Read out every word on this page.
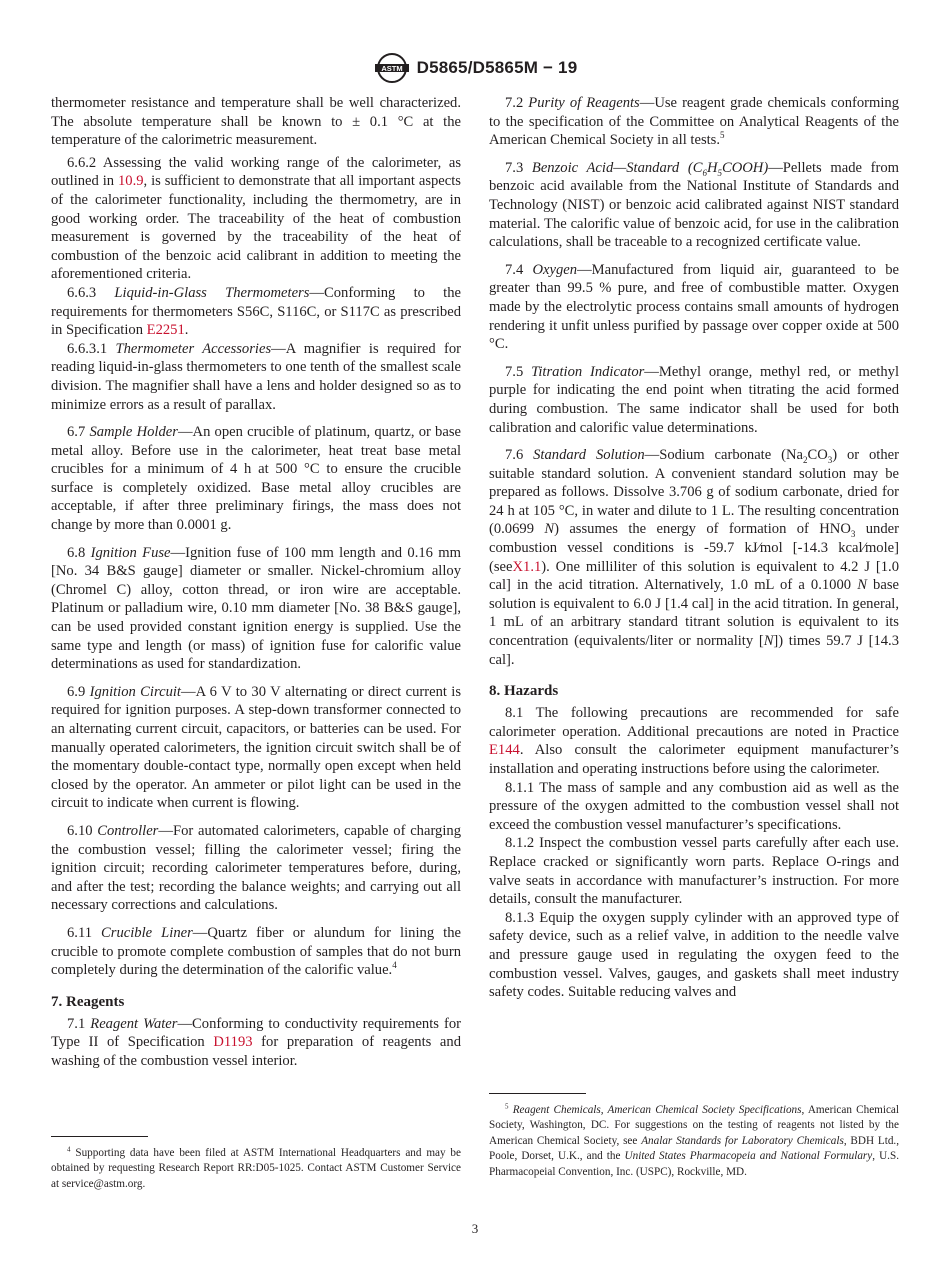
ASTM D5865/D5865M − 19

thermometer resistance and temperature shall be well characterized. The absolute temperature shall be known to ± 0.1 °C at the temperature of the calorimetric measurement.

6.6.2 Assessing the valid working range of the calorimeter, as outlined in 10.9, is sufficient to demonstrate that all important aspects of the calorimeter functionality, including the thermometry, are in good working order. The traceability of the heat of combustion measurement is governed by the traceability of the heat of combustion of the benzoic acid calibrant in addition to meeting the aforementioned criteria.

6.6.3 Liquid-in-Glass Thermometers—Conforming to the requirements for thermometers S56C, S116C, or S117C as prescribed in Specification E2251.

6.6.3.1 Thermometer Accessories—A magnifier is required for reading liquid-in-glass thermometers to one tenth of the smallest scale division. The magnifier shall have a lens and holder designed so as to minimize errors as a result of parallax.

6.7 Sample Holder—An open crucible of platinum, quartz, or base metal alloy. Before use in the calorimeter, heat treat base metal crucibles for a minimum of 4 h at 500 °C to ensure the crucible surface is completely oxidized. Base metal alloy crucibles are acceptable, if after three preliminary firings, the mass does not change by more than 0.0001 g.

6.8 Ignition Fuse—Ignition fuse of 100 mm length and 0.16 mm [No. 34 B&S gauge] diameter or smaller. Nickel-chromium alloy (Chromel C) alloy, cotton thread, or iron wire are acceptable. Platinum or palladium wire, 0.10 mm diameter [No. 38 B&S gauge], can be used provided constant ignition energy is supplied. Use the same type and length (or mass) of ignition fuse for calorific value determinations as used for standardization.

6.9 Ignition Circuit—A 6 V to 30 V alternating or direct current is required for ignition purposes. A step-down transformer connected to an alternating current circuit, capacitors, or batteries can be used. For manually operated calorimeters, the ignition circuit switch shall be of the momentary double-contact type, normally open except when held closed by the operator. An ammeter or pilot light can be used in the circuit to indicate when current is flowing.

6.10 Controller—For automated calorimeters, capable of charging the combustion vessel; filling the calorimeter vessel; firing the ignition circuit; recording calorimeter temperatures before, during, and after the test; recording the balance weights; and carrying out all necessary corrections and calculations.

6.11 Crucible Liner—Quartz fiber or alundum for lining the crucible to promote complete combustion of samples that do not burn completely during the determination of the calorific value.$^4$

7. Reagents

7.1 Reagent Water—Conforming to conductivity requirements for Type II of Specification D1193 for preparation of reagents and washing of the combustion vessel interior.

7.2 Purity of Reagents—Use reagent grade chemicals conforming to the specification of the Committee on Analytical Reagents of the American Chemical Society in all tests.$^5$

7.3 Benzoic Acid—Standard $(C_6H_5COOH)—Pellets$ made from benzoic acid available from the National Institute of Standards and Technology (NIST) or benzoic acid calibrated against NIST standard material. The calorific value of benzoic acid, for use in the calibration calculations, shall be traceable to a recognized certificate value.

7.4 Oxygen—Manufactured from liquid air, guaranteed to be greater than 99.5 % pure, and free of combustible matter. Oxygen made by the electrolytic process contains small amounts of hydrogen rendering it unfit unless purified by passage over copper oxide at 500 °C.

7.5 Titration Indicator—Methyl orange, methyl red, or methyl purple for indicating the end point when titrating the acid formed during combustion. The same indicator shall be used for both calibration and calorific value determinations.

7.6 Standard Solution—Sodium carbonate $(Na_2CO_3)$ or other suitable standard solution. A convenient standard solution may be prepared as follows. Dissolve 3.706 g of sodium carbonate, dried for 24 h at 105 °C, in water and dilute to 1 L. The resulting concentration (0.0699 N) assumes the energy of formation of $HNO_3$ under combustion vessel conditions is -59.7 kJ⁄mol [-14.3 kcal⁄mole] (seeX1.1). One milliliter of this solution is equivalent to 4.2 J [1.0 cal] in the acid titration. Alternatively, 1.0 mL of a 0.1000 N base solution is equivalent to 6.0 J [1.4 cal] in the acid titration. In general, 1 mL of an arbitrary standard titrant solution is equivalent to its concentration (equivalents/liter or normality [N]) times 59.7 J [14.3 cal].

8. Hazards

8.1 The following precautions are recommended for safe calorimeter operation. Additional precautions are noted in Practice E144. Also consult the calorimeter equipment manufacturer’s installation and operating instructions before using the calorimeter.

8.1.1 The mass of sample and any combustion aid as well as the pressure of the oxygen admitted to the combustion vessel shall not exceed the combustion vessel manufacturer’s specifications.

8.1.2 Inspect the combustion vessel parts carefully after each use. Replace cracked or significantly worn parts. Replace O-rings and valve seats in accordance with manufacturer’s instruction. For more details, consult the manufacturer.

8.1.3 Equip the oxygen supply cylinder with an approved type of safety device, such as a relief valve, in addition to the needle valve and pressure gauge used in regulating the oxygen feed to the combustion vessel. Valves, gauges, and gaskets shall meet industry safety codes. Suitable reducing valves and

$^4$ Supporting data have been filed at ASTM International Headquarters and may be obtained by requesting Research Report RR:D05-1025. Contact ASTM Customer Service at service@astm.org.

$^5$ Reagent Chemicals, American Chemical Society Specifications, American Chemical Society, Washington, DC. For suggestions on the testing of reagents not listed by the American Chemical Society, see Analar Standards for Laboratory Chemicals, BDH Ltd., Poole, Dorset, U.K., and the United States Pharmacopeia and National Formulary, U.S. Pharmacopeial Convention, Inc. (USPC), Rockville, MD.

3
